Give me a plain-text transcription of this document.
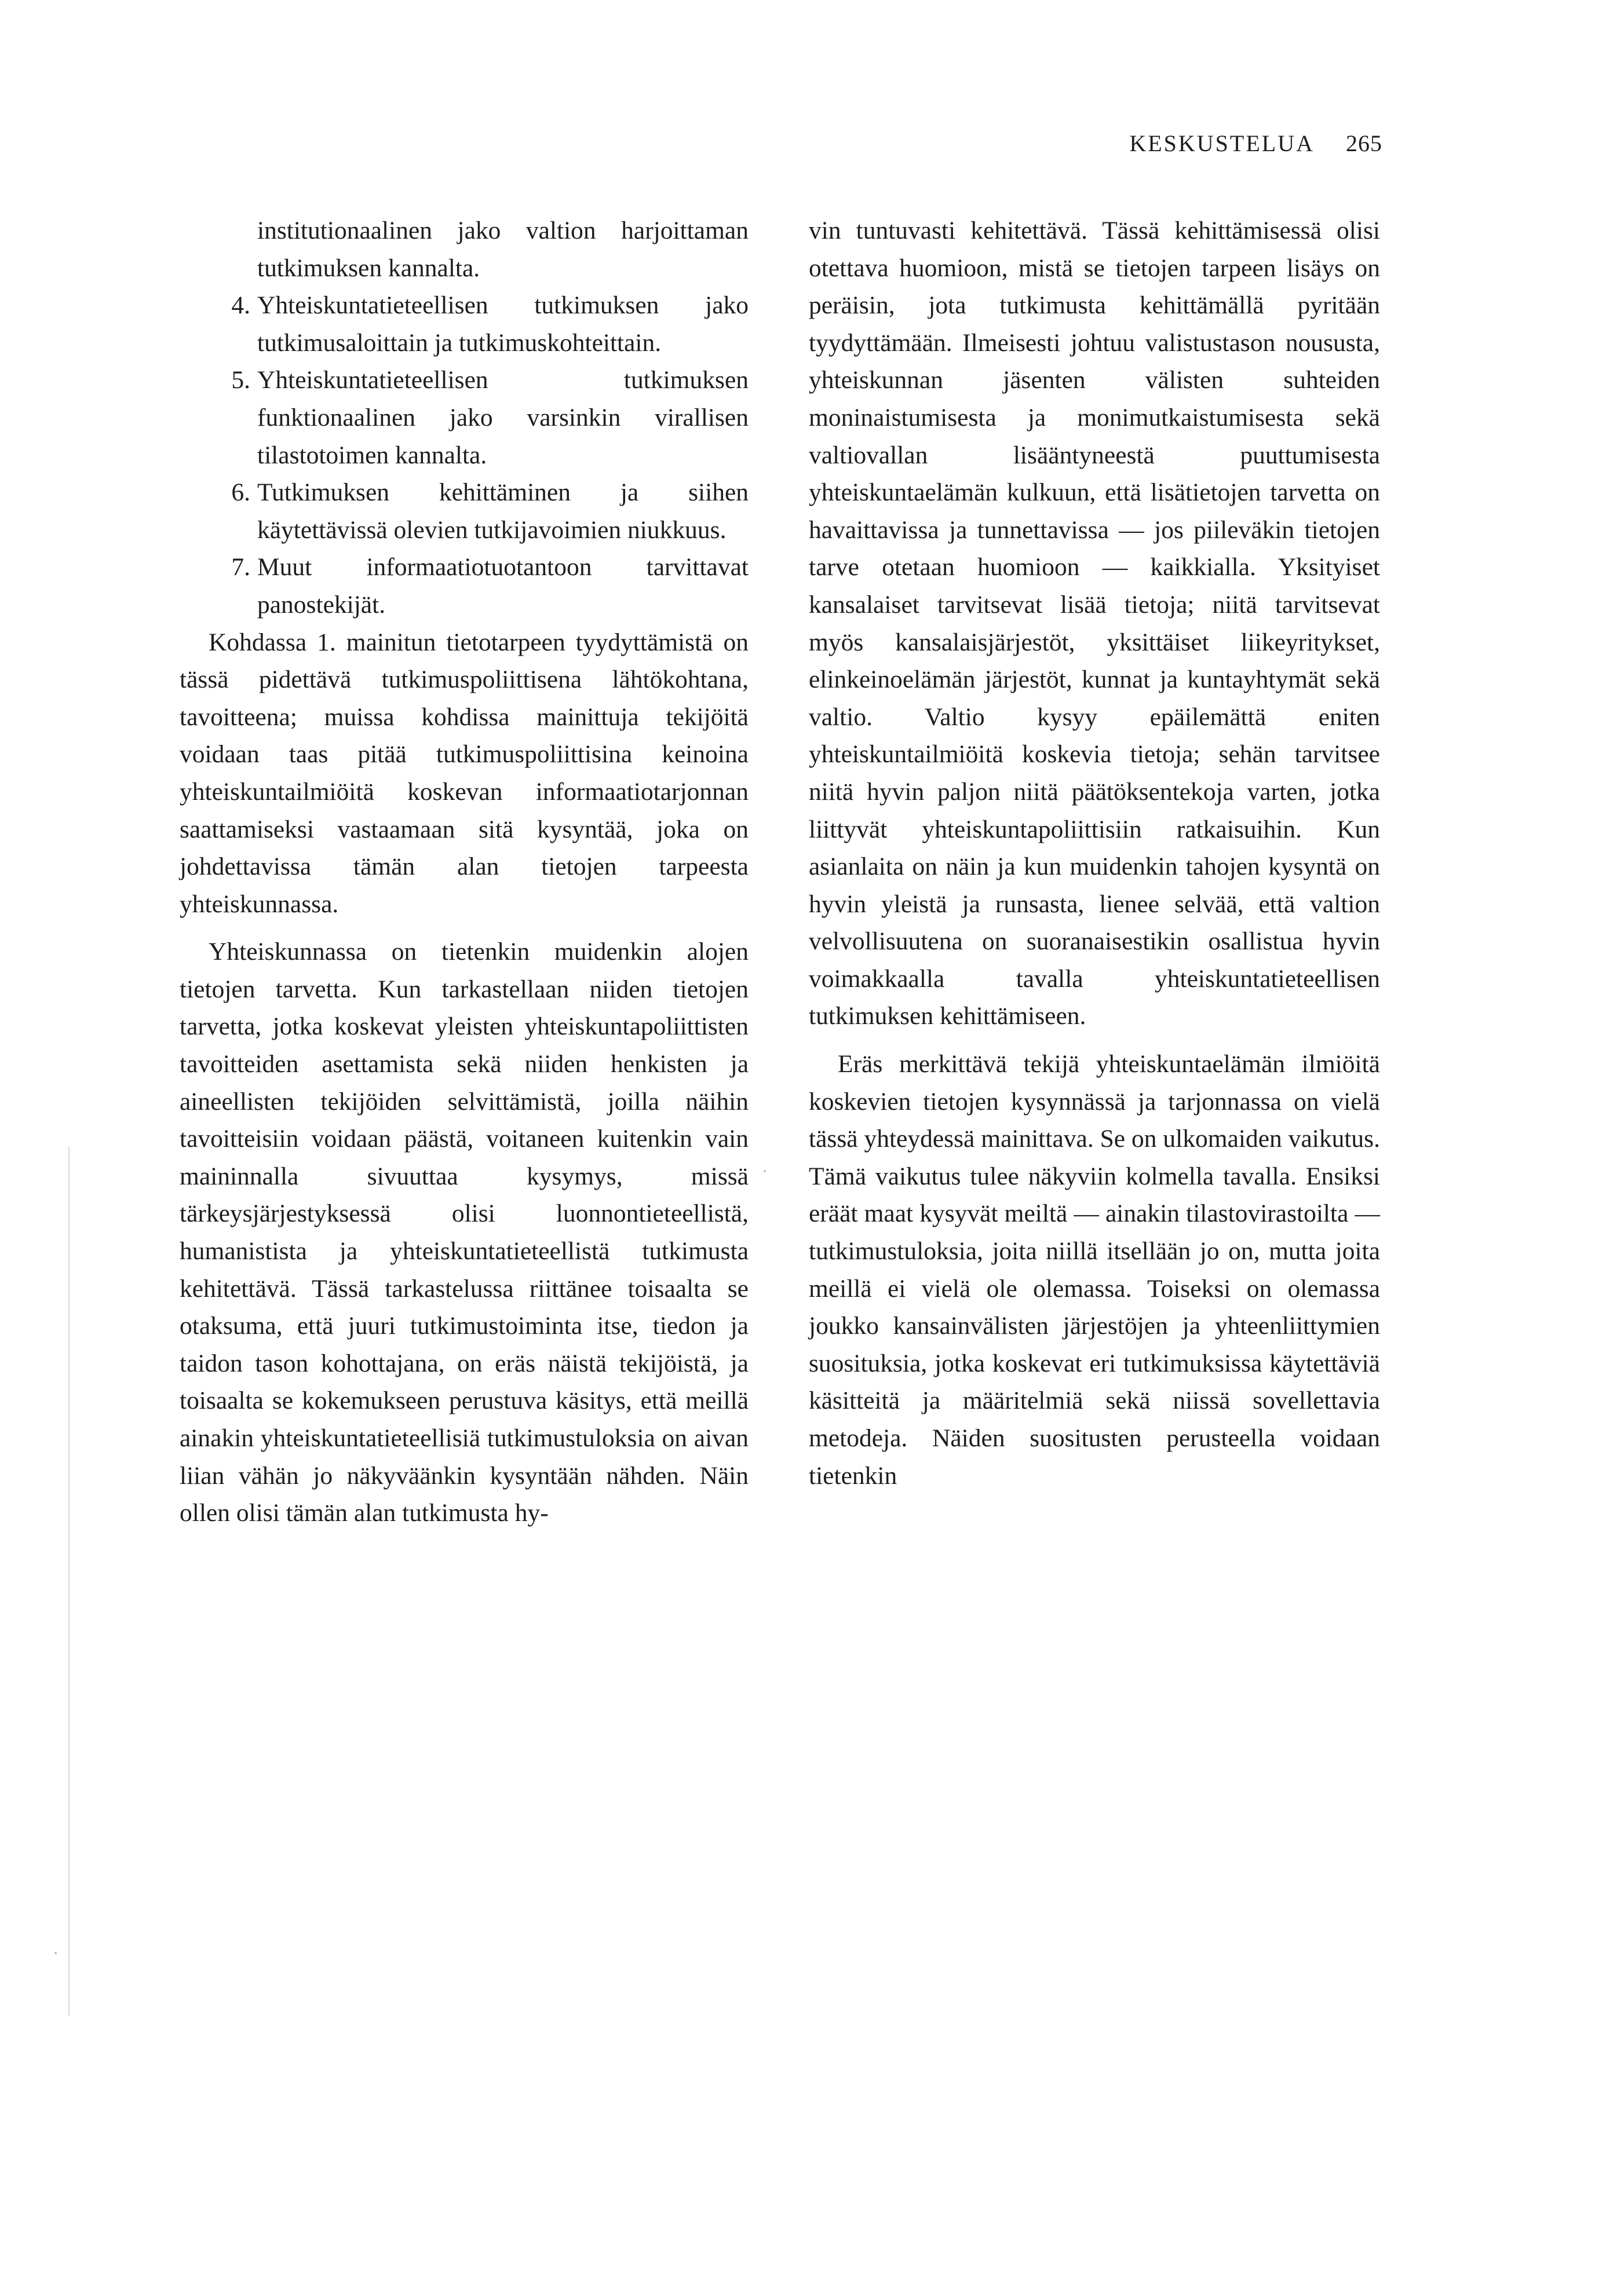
KESKUSTELUA 265
institutionaalinen jako valtion harjoittaman tutkimuksen kannalta.
4. Yhteiskuntatieteellisen tutkimuksen jako tutkimusaloittain ja tutkimuskohteittain.
5. Yhteiskuntatieteellisen tutkimuksen funktionaalinen jako varsinkin virallisen tilastotoimen kannalta.
6. Tutkimuksen kehittäminen ja siihen käytettävissä olevien tutkijavoimien niukkuus.
7. Muut informaatiotuotantoon tarvittavat panostekijät.

Kohdassa 1. mainitun tietotarpeen tyydyttämistä on tässä pidettävä tutkimuspoliittisena lähtökohtana, tavoitteena; muissa kohdissa mainittuja tekijöitä voidaan taas pitää tutkimuspoliittisina keinoina yhteiskuntailmiöitä koskevan informaatiotarjonnan saattamiseksi vastaamaan sitä kysyntää, joka on johdettavissa tämän alan tietojen tarpeesta yhteiskunnassa.

Yhteiskunnassa on tietenkin muidenkin alojen tietojen tarvetta. Kun tarkastellaan niiden tietojen tarvetta, jotka koskevat yleisten yhteiskuntapoliittisten tavoitteiden asettamista sekä niiden henkisten ja aineellisten tekijöiden selvittämistä, joilla näihin tavoitteisiin voidaan päästä, voitaneen kuitenkin vain maininnalla sivuuttaa kysymys, missä tärkeysjärjestyksessä olisi luonnontieteellistä, humanistista ja yhteiskuntatieteellistä tutkimusta kehitettävä. Tässä tarkastelussa riittänee toisaalta se otaksuma, että juuri tutkimustoiminta itse, tiedon ja taidon tason kohottajana, on eräs näistä tekijöistä, ja toisaalta se kokemukseen perustuva käsitys, että meillä ainakin yhteiskuntatieteellisiä tutkimustuloksia on aivan liian vähän jo näkyväänkin kysyntään nähden. Näin ollen olisi tämän alan tutkimusta hy-

vin tuntuvasti kehitettävä. Tässä kehittämisessä olisi otettava huomioon, mistä se tietojen tarpeen lisäys on peräisin, jota tutkimusta kehittämällä pyritään tyydyttämään. Ilmeisesti johtuu valistustason noususta, yhteiskunnan jäsenten välisten suhteiden moninaistumisesta ja monimutkaistumisesta sekä valtiovallan lisääntyneestä puuttumisesta yhteiskuntaelämän kulkuun, että lisätietojen tarvetta on havaittavissa ja tunnettavissa — jos piileväkin tietojen tarve otetaan huomioon — kaikkialla. Yksityiset kansalaiset tarvitsevat lisää tietoja; niitä tarvitsevat myös kansalaisjärjestöt, yksittäiset liikeyritykset, elinkeinoelämän järjestöt, kunnat ja kuntayhtymät sekä valtio. Valtio kysyy epäilemättä eniten yhteiskuntailmiöitä koskevia tietoja; sehän tarvitsee niitä hyvin paljon niitä päätöksentekoja varten, jotka liittyvät yhteiskuntapoliittisiin ratkaisuihin. Kun asianlaita on näin ja kun muidenkin tahojen kysyntä on hyvin yleistä ja runsasta, lienee selvää, että valtion velvollisuutena on suoranaisestikin osallistua hyvin voimakkaalla tavalla yhteiskuntatieteellisen tutkimuksen kehittämiseen.

Eräs merkittävä tekijä yhteiskuntaelämän ilmiöitä koskevien tietojen kysynnässä ja tarjonnassa on vielä tässä yhteydessä mainittava. Se on ulkomaiden vaikutus. Tämä vaikutus tulee näkyviin kolmella tavalla. Ensiksi eräät maat kysyvät meiltä — ainakin tilastovirastoilta — tutkimustuloksia, joita niillä itsellään jo on, mutta joita meillä ei vielä ole olemassa. Toiseksi on olemassa joukko kansainvälisten järjestöjen ja yhteenliittymien suosituksia, jotka koskevat eri tutkimuksissa käytettäviä käsitteitä ja määritelmiä sekä niissä sovellettavia metodeja. Näiden suositusten perusteella voidaan tietenkin
